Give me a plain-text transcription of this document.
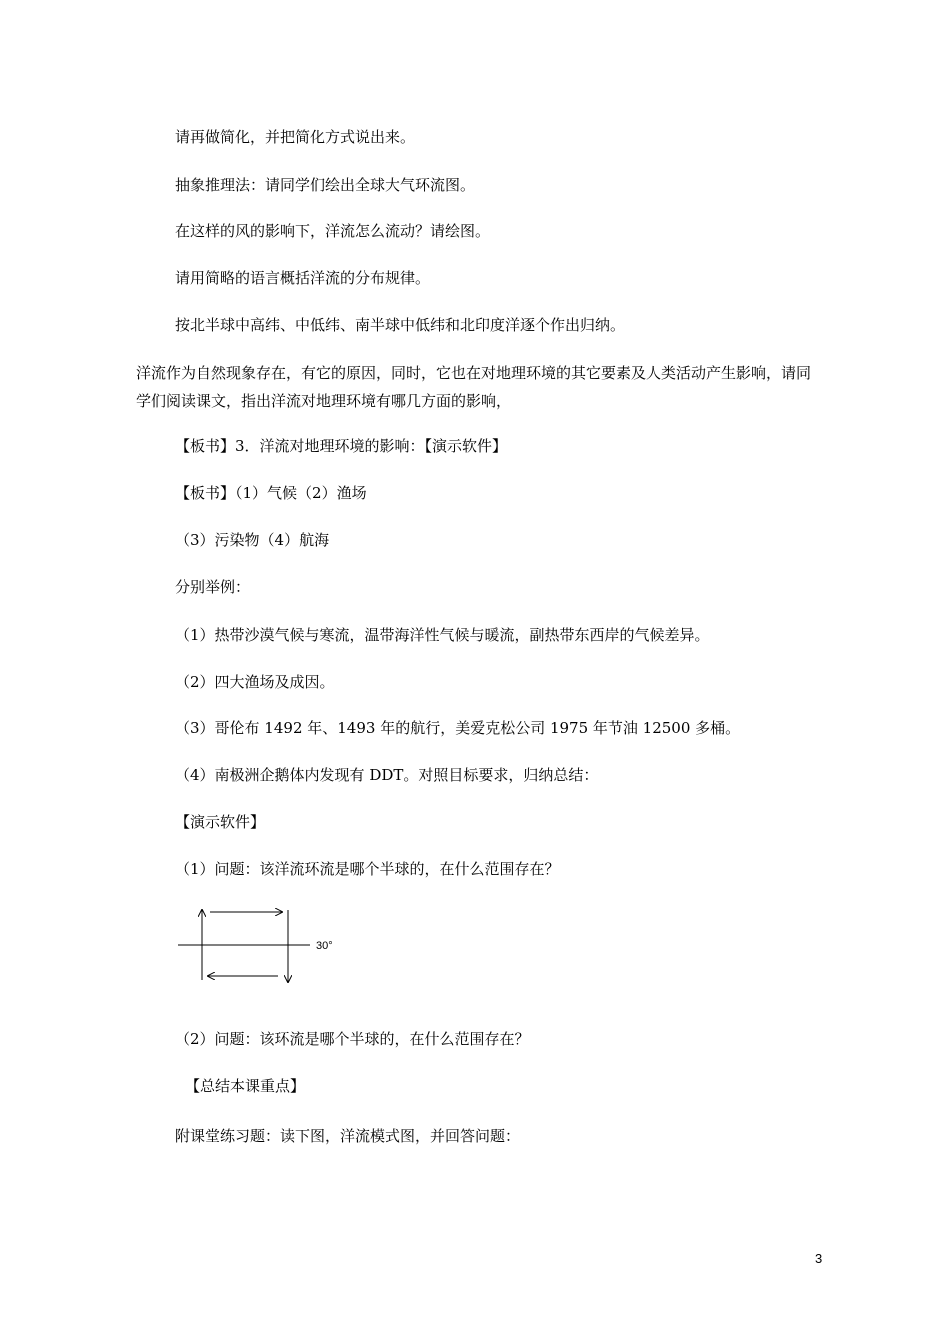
请再做简化，并把简化方式说出来。
抽象推理法：请同学们绘出全球大气环流图。
在这样的风的影响下，洋流怎么流动？请绘图。
请用简略的语言概括洋流的分布规律。
按北半球中高纬、中低纬、南半球中低纬和北印度洋逐个作出归纳。
洋流作为自然现象存在，有它的原因，同时，它也在对地理环境的其它要素及人类活动产生影响，请同学们阅读课文，指出洋流对地理环境有哪几方面的影响，
【板书】3．洋流对地理环境的影响：【演示软件】
【板书】（1）气候（2）渔场
（3）污染物（4）航海
分别举例：
（1）热带沙漠气候与寒流，温带海洋性气候与暖流，副热带东西岸的气候差异。
（2）四大渔场及成因。
（3）哥伦布 1492 年、1493 年的航行，美爱克松公司 1975 年节油 12500 多桶。
（4）南极洲企鹅体内发现有 DDT。对照目标要求，归纳总结：
【演示软件】
（1）问题：该洋流环流是哪个半球的，在什么范围存在？
30°
（2）问题：该环流是哪个半球的，在什么范围存在？
【总结本课重点】
附课堂练习题：读下图，洋流模式图，并回答问题：
3
